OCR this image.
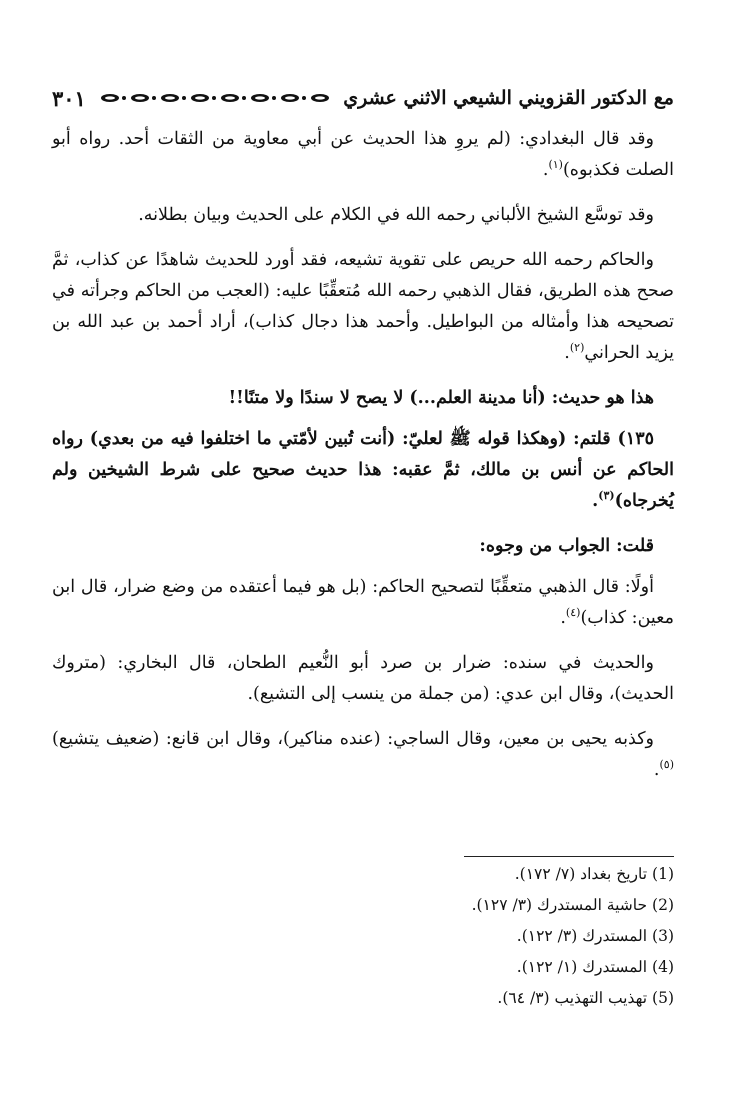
مع الدكتور القزويني الشيعي الاثني عشري
٣٠١

وقد قال البغدادي: (لم يروِ هذا الحديث عن أبي معاوية من الثقات أحد. رواه أبو الصلت فكذبوه)$^{(١)}$.

وقد توسَّع الشيخ الألباني رحمه الله في الكلام على الحديث وبيان بطلانه.

والحاكم رحمه الله حريص على تقوية تشيعه، فقد أورد للحديث شاهدًا عن كذاب، ثمَّ صحح هذه الطريق، فقال الذهبي رحمه الله مُتعقِّبًا عليه: (العجب من الحاكم وجرأته في تصحيحه هذا وأمثاله من البواطيل. وأحمد هذا دجال كذاب)، أراد أحمد بن عبد الله بن يزيد الحراني$^{(٢)}$.

هذا هو حديث: (أنا مدينة العلم...) لا يصح لا سندًا ولا متنًا!!

١٣٥) قلتم: (وهكذا قوله ﷺ لعليّ: (أنت تُبين لأمّتي ما اختلفوا فيه من بعدي) رواه الحاكم عن أنس بن مالك، ثمَّ عقبه: هذا حديث صحيح على شرط الشيخين ولم يُخرجاه)$^{(٣)}$.

قلت: الجواب من وجوه:

أولًا: قال الذهبي متعقِّبًا لتصحيح الحاكم: (بل هو فيما أعتقده من وضع ضرار، قال ابن معين: كذاب)$^{(٤)}$.

والحديث في سنده: ضرار بن صرد أبو النُّعيم الطحان، قال البخاري: (متروك الحديث)، وقال ابن عدي: (من جملة من ينسب إلى التشيع).

وكذبه يحيى بن معين، وقال الساجي: (عنده مناكير)، وقال ابن قانع: (ضعيف يتشيع)$^{(٥)}$.

(1) تاريخ بغداد (٧/ ١٧٢).

(2) حاشية المستدرك (٣/ ١٢٧).

(3) المستدرك (٣/ ١٢٢).

(4) المستدرك (١/ ١٢٢).

(5) تهذيب التهذيب (٣/ ٦٤).
